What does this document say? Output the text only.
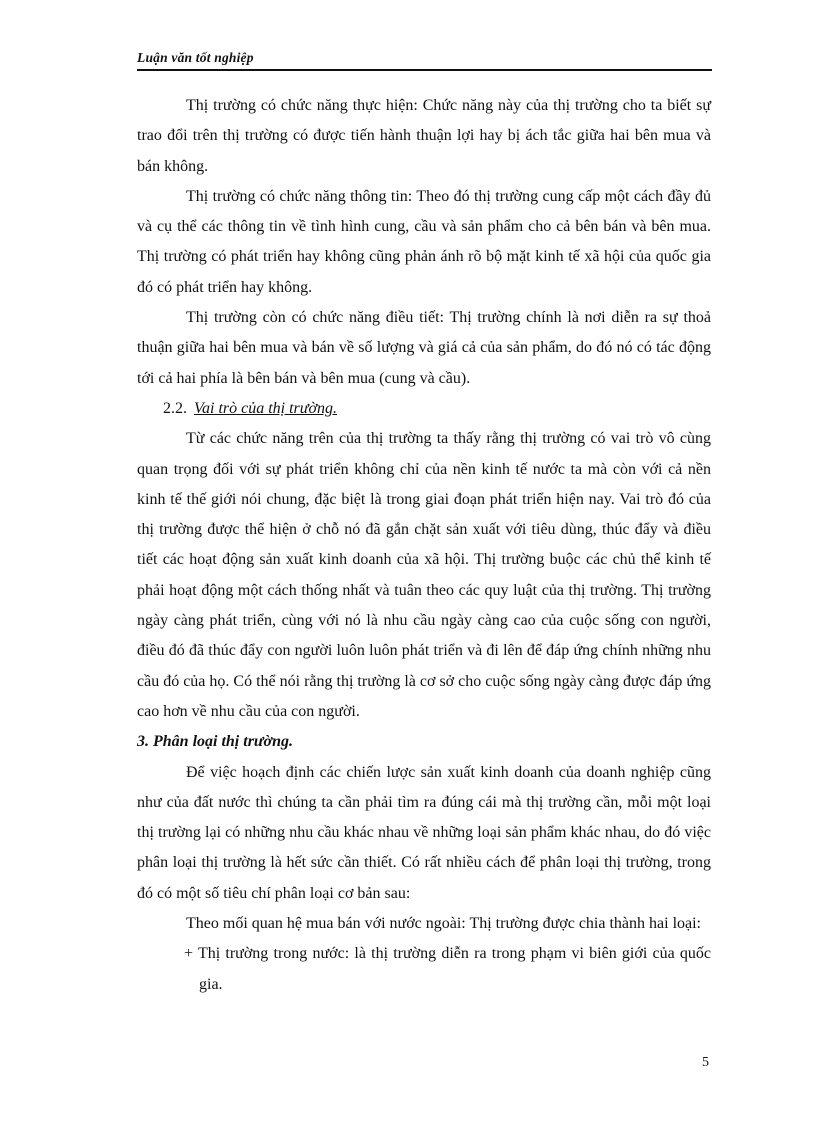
Luận văn tốt nghiệp

Thị trường có chức năng thực hiện: Chức năng này của thị trường cho ta biết sự trao đổi trên thị trường có được tiến hành thuận lợi hay bị ách tắc giữa hai bên mua và bán không.

Thị trường có chức năng thông tin: Theo đó thị trường cung cấp một cách đầy đủ và cụ thể các thông tin về tình hình cung, cầu và sản phẩm cho cả bên bán và bên mua. Thị trường có phát triển hay không cũng phản ánh rõ bộ mặt kinh tế xã hội của quốc gia đó có phát triển hay không.

Thị trường còn có chức năng điều tiết: Thị trường chính là nơi diễn ra sự thoả thuận giữa hai bên mua và bán về số lượng và giá cả của sản phẩm, do đó nó có tác động tới cả hai phía là bên bán và bên mua (cung và cầu).

2.2. Vai trò của thị trường.

Từ các chức năng trên của thị trường ta thấy rằng thị trường có vai trò vô cùng quan trọng đối với sự phát triển không chỉ của nền kinh tế nước ta mà còn với cả nền kinh tế thế giới nói chung, đặc biệt là trong giai đoạn phát triển hiện nay. Vai trò đó của thị trường được thể hiện ở chỗ nó đã gắn chặt sản xuất với tiêu dùng, thúc đẩy và điều tiết các hoạt động sản xuất kinh doanh của xã hội. Thị trường buộc các chủ thể kinh tế phải hoạt động một cách thống nhất và tuân theo các quy luật của thị trường. Thị trường ngày càng phát triển, cùng với nó là nhu cầu ngày càng cao của cuộc sống con người, điều đó đã thúc đẩy con người luôn luôn phát triển và đi lên để đáp ứng chính những nhu cầu đó của họ. Có thể nói rằng thị trường là cơ sở cho cuộc sống ngày càng được đáp ứng cao hơn về nhu cầu của con người.

3. Phân loại thị trường.

Để việc hoạch định các chiến lược sản xuất kinh doanh của doanh nghiệp cũng như của đất nước thì chúng ta cần phải tìm ra đúng cái mà thị trường cần, mỗi một loại thị trường lại có những nhu cầu khác nhau về những loại sản phẩm khác nhau, do đó việc phân loại thị trường là hết sức cần thiết. Có rất nhiều cách để phân loại thị trường, trong đó có một số tiêu chí phân loại cơ bản sau:

Theo mối quan hệ mua bán với nước ngoài: Thị trường được chia thành hai loại:

+ Thị trường trong nước: là thị trường diễn ra trong phạm vi biên giới của quốc gia.

5
